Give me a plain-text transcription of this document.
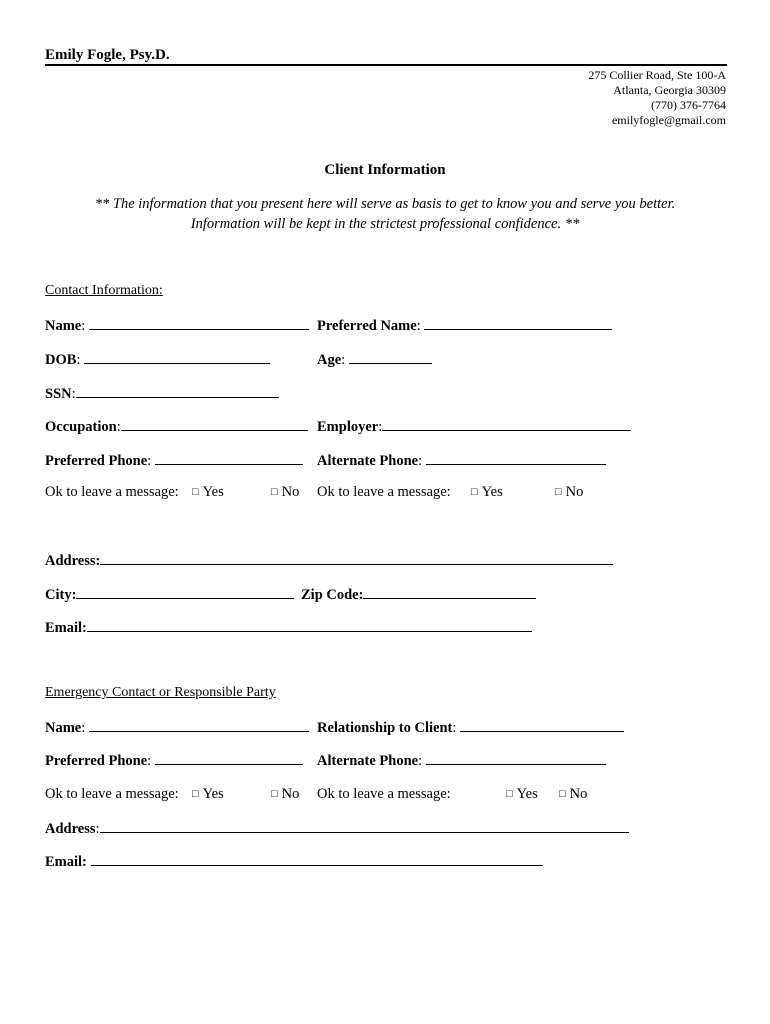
Emily Fogle, Psy.D.
275 Collier Road, Ste 100-A
Atlanta, Georgia 30309
(770) 376-7764
emilyfogle@gmail.com
Client Information
** The information that you present here will serve as basis to get to know you and serve you better.
Information will be kept in the strictest professional confidence. **
Contact Information:
Name:	Preferred Name:
DOB:	Age:
SSN:
Occupation:	Employer:
Preferred Phone:	Alternate Phone:
Ok to leave a message: □ Yes	□ No Ok to leave a message: □ Yes	□ No
Address:
City:	Zip Code:
Email:
Emergency Contact or Responsible Party
Name:	Relationship to Client:
Preferred Phone:	Alternate Phone:
Ok to leave a message: □ Yes	□ No Ok to leave a message:	□ Yes □ No
Address:
Email:
